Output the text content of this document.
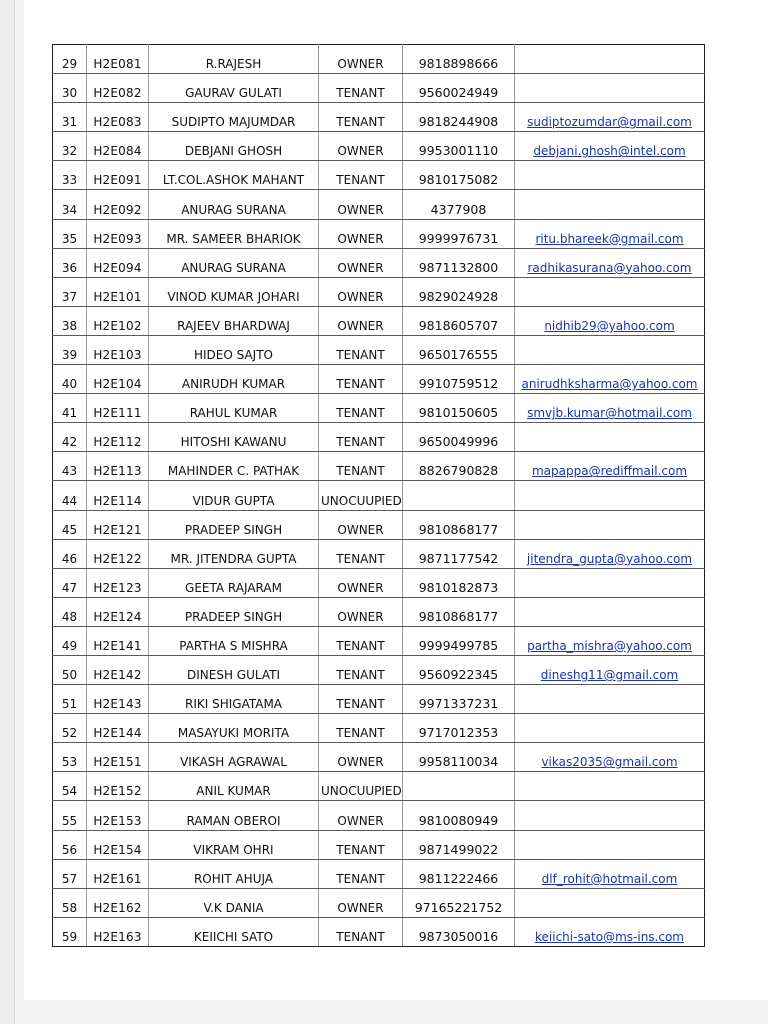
29	H2E081	R.RAJESH	OWNER	9818898666	
30	H2E082	GAURAV GULATI	TENANT	9560024949	
31	H2E083	SUDIPTO MAJUMDAR	TENANT	9818244908	sudiptozumdar@gmail.com
32	H2E084	DEBJANI GHOSH	OWNER	9953001110	debjani.ghosh@intel.com
33	H2E091	LT.COL.ASHOK MAHANT	TENANT	9810175082	
34	H2E092	ANURAG SURANA	OWNER	4377908	
35	H2E093	MR. SAMEER BHARIOK	OWNER	9999976731	ritu.bhareek@gmail.com
36	H2E094	ANURAG SURANA	OWNER	9871132800	radhikasurana@yahoo.com
37	H2E101	VINOD KUMAR JOHARI	OWNER	9829024928	
38	H2E102	RAJEEV BHARDWAJ	OWNER	9818605707	nidhib29@yahoo.com
39	H2E103	HIDEO SAJTO	TENANT	9650176555	
40	H2E104	ANIRUDH KUMAR	TENANT	9910759512	anirudhksharma@yahoo.com
41	H2E111	RAHUL KUMAR	TENANT	9810150605	smvjb.kumar@hotmail.com
42	H2E112	HITOSHI KAWANU	TENANT	9650049996	
43	H2E113	MAHINDER C. PATHAK	TENANT	8826790828	mapappa@rediffmail.com
44	H2E114	VIDUR GUPTA	UNOCUUPIED		
45	H2E121	PRADEEP SINGH	OWNER	9810868177	
46	H2E122	MR. JITENDRA GUPTA	TENANT	9871177542	jitendra_gupta@yahoo.com
47	H2E123	GEETA RAJARAM	OWNER	9810182873	
48	H2E124	PRADEEP SINGH	OWNER	9810868177	
49	H2E141	PARTHA S MISHRA	TENANT	9999499785	partha_mishra@yahoo.com
50	H2E142	DINESH GULATI	TENANT	9560922345	dineshg11@gmail.com
51	H2E143	RIKI SHIGATAMA	TENANT	9971337231	
52	H2E144	MASAYUKI MORITA	TENANT	9717012353	
53	H2E151	VIKASH AGRAWAL	OWNER	9958110034	vikas2035@gmail.com
54	H2E152	ANIL KUMAR	UNOCUUPIED		
55	H2E153	RAMAN OBEROI	OWNER	9810080949	
56	H2E154	VIKRAM OHRI	TENANT	9871499022	
57	H2E161	ROHIT AHUJA	TENANT	9811222466	dlf_rohit@hotmail.com
58	H2E162	V.K DANIA	OWNER	97165221752	
59	H2E163	KEIICHI SATO	TENANT	9873050016	keiichi-sato@ms-ins.com
